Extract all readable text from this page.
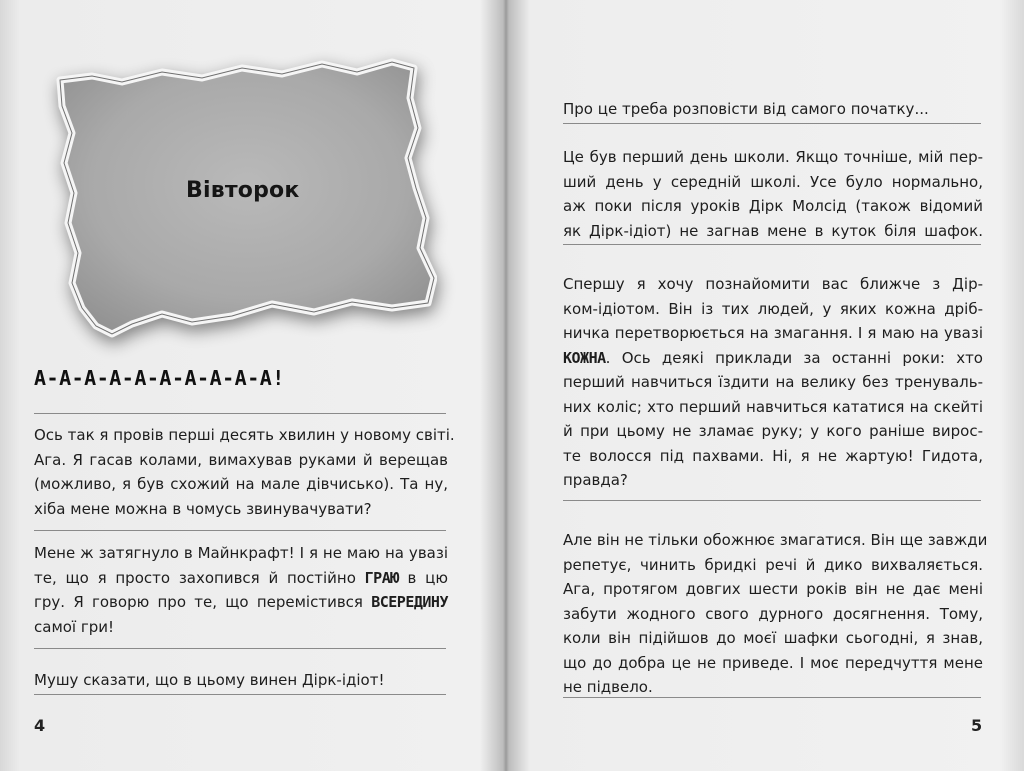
Вівторок
А-А-А-А-А-А-А-А-А-А!
Ось так я провів перші десять хвилин у новому світі.
Ага. Я гасав колами, вимахував руками й верещав
(можливо, я був схожий на мале дівчисько). Та ну,
хіба мене можна в чомусь звинувачувати?
Мене ж затягнуло в Майнкрафт! І я не маю на увазі
те, що я просто захопився й постійно ГРАЮ в цю
гру. Я говорю про те, що перемістився ВСЕРЕДИНУ
самої гри!
Мушу сказати, що в цьому винен Дірк-ідіот!
4
Про це треба розповісти від самого початку...
Це був перший день школи. Якщо точніше, мій пер-
ший день у середній школі. Усе було нормально,
аж поки після уроків Дірк Молсід (також відомий
як Дірк-ідіот) не загнав мене в куток біля шафок.
Спершу я хочу познайомити вас ближче з Дір-
ком-ідіотом. Він із тих людей, у яких кожна дріб-
ничка перетворюється на змагання. І я маю на увазі
КОЖНА. Ось деякі приклади за останні роки: хто
перший навчиться їздити на велику без тренуваль-
них коліс; хто перший навчиться кататися на скейті
й при цьому не зламає руку; у кого раніше вирос-
те волосся під пахвами. Ні, я не жартую! Гидота,
правда?
Але він не тільки обожнює змагатися. Він ще завжди
репетує, чинить бридкі речі й дико вихваляється.
Ага, протягом довгих шести років він не дає мені
забути жодного свого дурного досягнення. Тому,
коли він підійшов до моєї шафки сьогодні, я знав,
що до добра це не приведе. І моє передчуття мене
не підвело.
5
